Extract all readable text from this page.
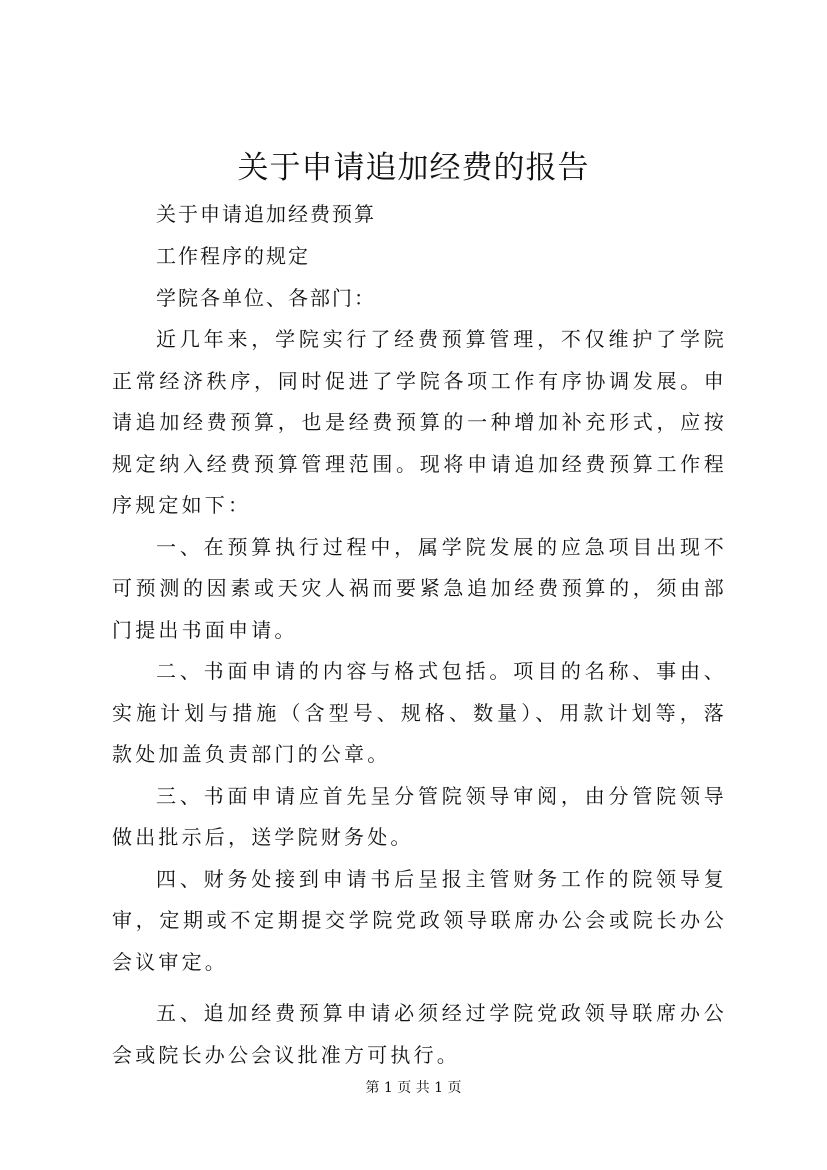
关于申请追加经费的报告

关于申请追加经费预算

工作程序的规定

学院各单位、各部门：

近几年来，学院实行了经费预算管理，不仅维护了学院正常经济秩序，同时促进了学院各项工作有序协调发展。申请追加经费预算，也是经费预算的一种增加补充形式，应按规定纳入经费预算管理范围。现将申请追加经费预算工作程序规定如下：

一、在预算执行过程中，属学院发展的应急项目出现不可预测的因素或天灾人祸而要紧急追加经费预算的，须由部门提出书面申请。

二、书面申请的内容与格式包括。项目的名称、事由、实施计划与措施（含型号、规格、数量）、用款计划等，落款处加盖负责部门的公章。

三、书面申请应首先呈分管院领导审阅，由分管院领导做出批示后，送学院财务处。

四、财务处接到申请书后呈报主管财务工作的院领导复审，定期或不定期提交学院党政领导联席办公会或院长办公会议审定。

五、追加经费预算申请必须经过学院党政领导联席办公会或院长办公会议批准方可执行。

第 1 页 共 1 页
